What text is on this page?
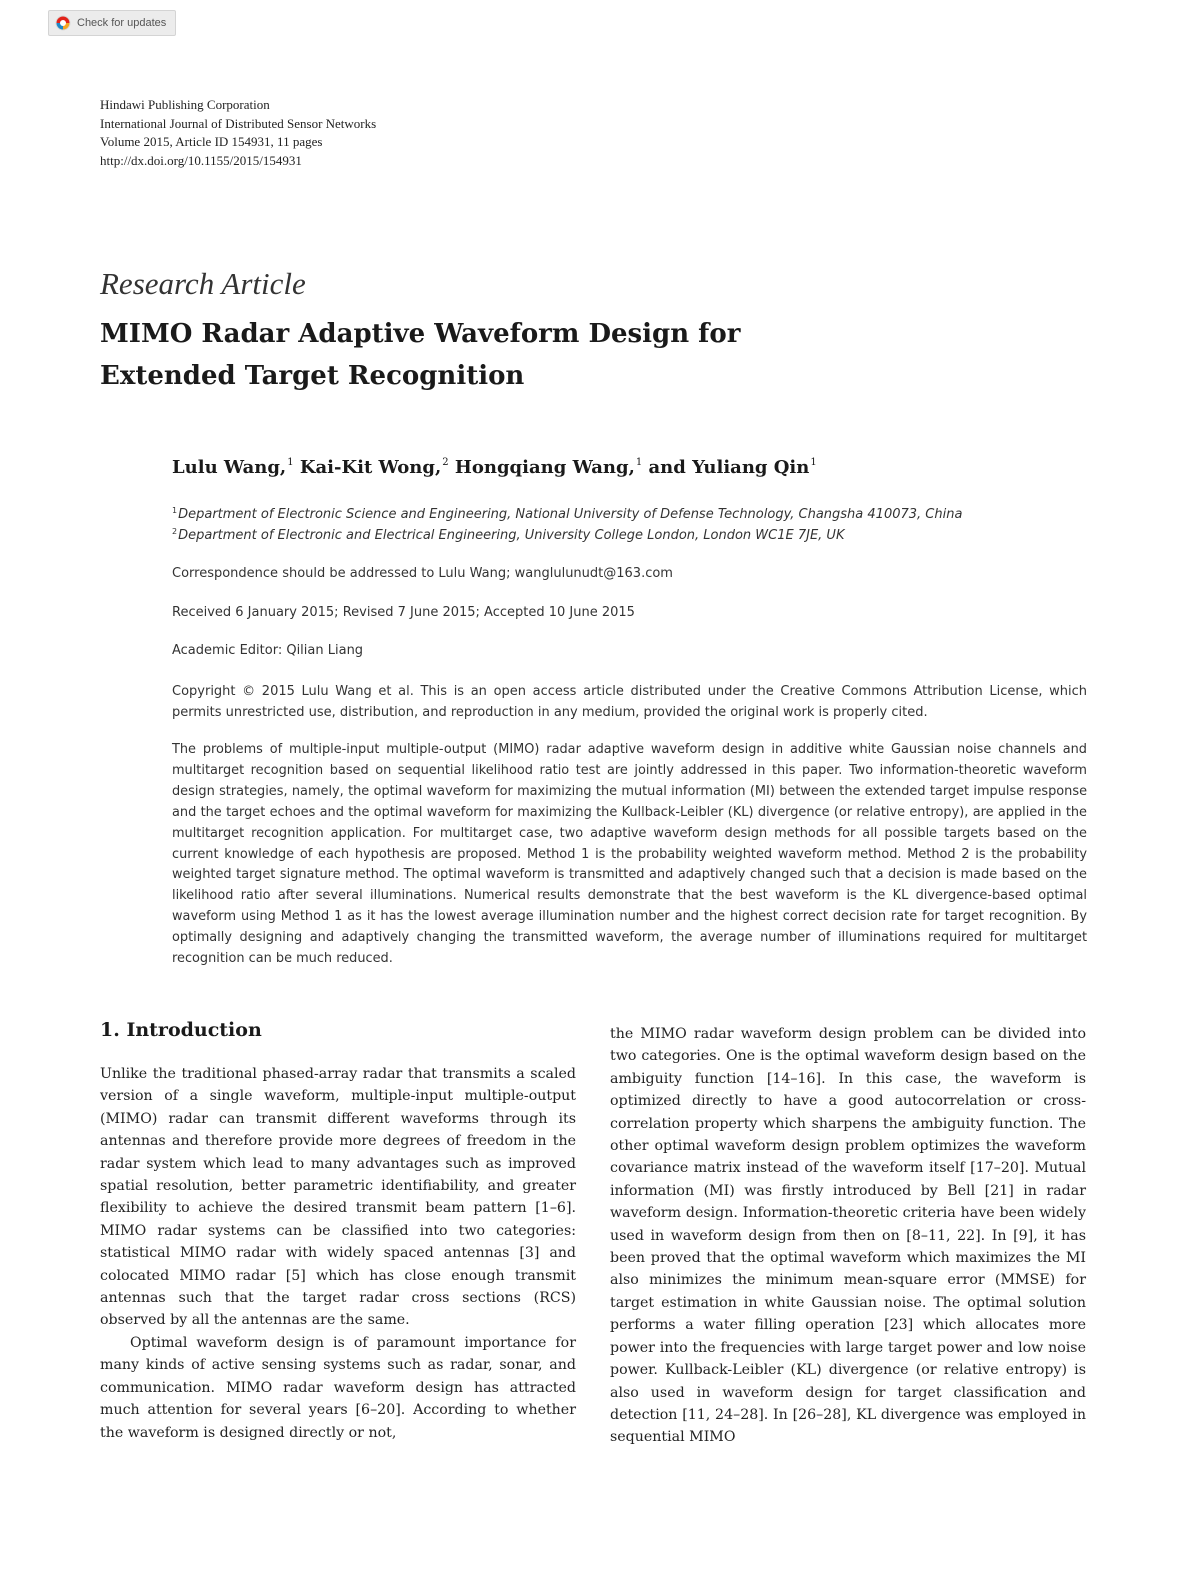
Check for updates
Hindawi Publishing Corporation
International Journal of Distributed Sensor Networks
Volume 2015, Article ID 154931, 11 pages
http://dx.doi.org/10.1155/2015/154931
Research Article
MIMO Radar Adaptive Waveform Design for
Extended Target Recognition
Lulu Wang,$^1$ Kai-Kit Wong,$^2$ Hongqiang Wang,$^1$ and Yuliang Qin$^1$
$^1$Department of Electronic Science and Engineering, National University of Defense Technology, Changsha 410073, China
$^2$Department of Electronic and Electrical Engineering, University College London, London WC1E 7JE, UK
Correspondence should be addressed to Lulu Wang; wanglulunudt@163.com
Received 6 January 2015; Revised 7 June 2015; Accepted 10 June 2015
Academic Editor: Qilian Liang
Copyright © 2015 Lulu Wang et al. This is an open access article distributed under the Creative Commons Attribution License, which permits unrestricted use, distribution, and reproduction in any medium, provided the original work is properly cited.
The problems of multiple-input multiple-output (MIMO) radar adaptive waveform design in additive white Gaussian noise channels and multitarget recognition based on sequential likelihood ratio test are jointly addressed in this paper. Two information-theoretic waveform design strategies, namely, the optimal waveform for maximizing the mutual information (MI) between the extended target impulse response and the target echoes and the optimal waveform for maximizing the Kullback-Leibler (KL) divergence (or relative entropy), are applied in the multitarget recognition application. For multitarget case, two adaptive waveform design methods for all possible targets based on the current knowledge of each hypothesis are proposed. Method 1 is the probability weighted waveform method. Method 2 is the probability weighted target signature method. The optimal waveform is transmitted and adaptively changed such that a decision is made based on the likelihood ratio after several illuminations. Numerical results demonstrate that the best waveform is the KL divergence-based optimal waveform using Method 1 as it has the lowest average illumination number and the highest correct decision rate for target recognition. By optimally designing and adaptively changing the transmitted waveform, the average number of illuminations required for multitarget recognition can be much reduced.
1. Introduction

Unlike the traditional phased-array radar that transmits a scaled version of a single waveform, multiple-input multiple-output (MIMO) radar can transmit different waveforms through its antennas and therefore provide more degrees of freedom in the radar system which lead to many advantages such as improved spatial resolution, better parametric identifiability, and greater flexibility to achieve the desired transmit beam pattern [1–6]. MIMO radar systems can be classified into two categories: statistical MIMO radar with widely spaced antennas [3] and colocated MIMO radar [5] which has close enough transmit antennas such that the target radar cross sections (RCS) observed by all the antennas are the same.

Optimal waveform design is of paramount importance for many kinds of active sensing systems such as radar, sonar, and communication. MIMO radar waveform design has attracted much attention for several years [6–20]. According to whether the waveform is designed directly or not,

the MIMO radar waveform design problem can be divided into two categories. One is the optimal waveform design based on the ambiguity function [14–16]. In this case, the waveform is optimized directly to have a good autocorrelation or cross-correlation property which sharpens the ambiguity function. The other optimal waveform design problem optimizes the waveform covariance matrix instead of the waveform itself [17–20]. Mutual information (MI) was firstly introduced by Bell [21] in radar waveform design. Information-theoretic criteria have been widely used in waveform design from then on [8–11, 22]. In [9], it has been proved that the optimal waveform which maximizes the MI also minimizes the minimum mean-square error (MMSE) for target estimation in white Gaussian noise. The optimal solution performs a water filling operation [23] which allocates more power into the frequencies with large target power and low noise power. Kullback-Leibler (KL) divergence (or relative entropy) is also used in waveform design for target classification and detection [11, 24–28]. In [26–28], KL divergence was employed in sequential MIMO
